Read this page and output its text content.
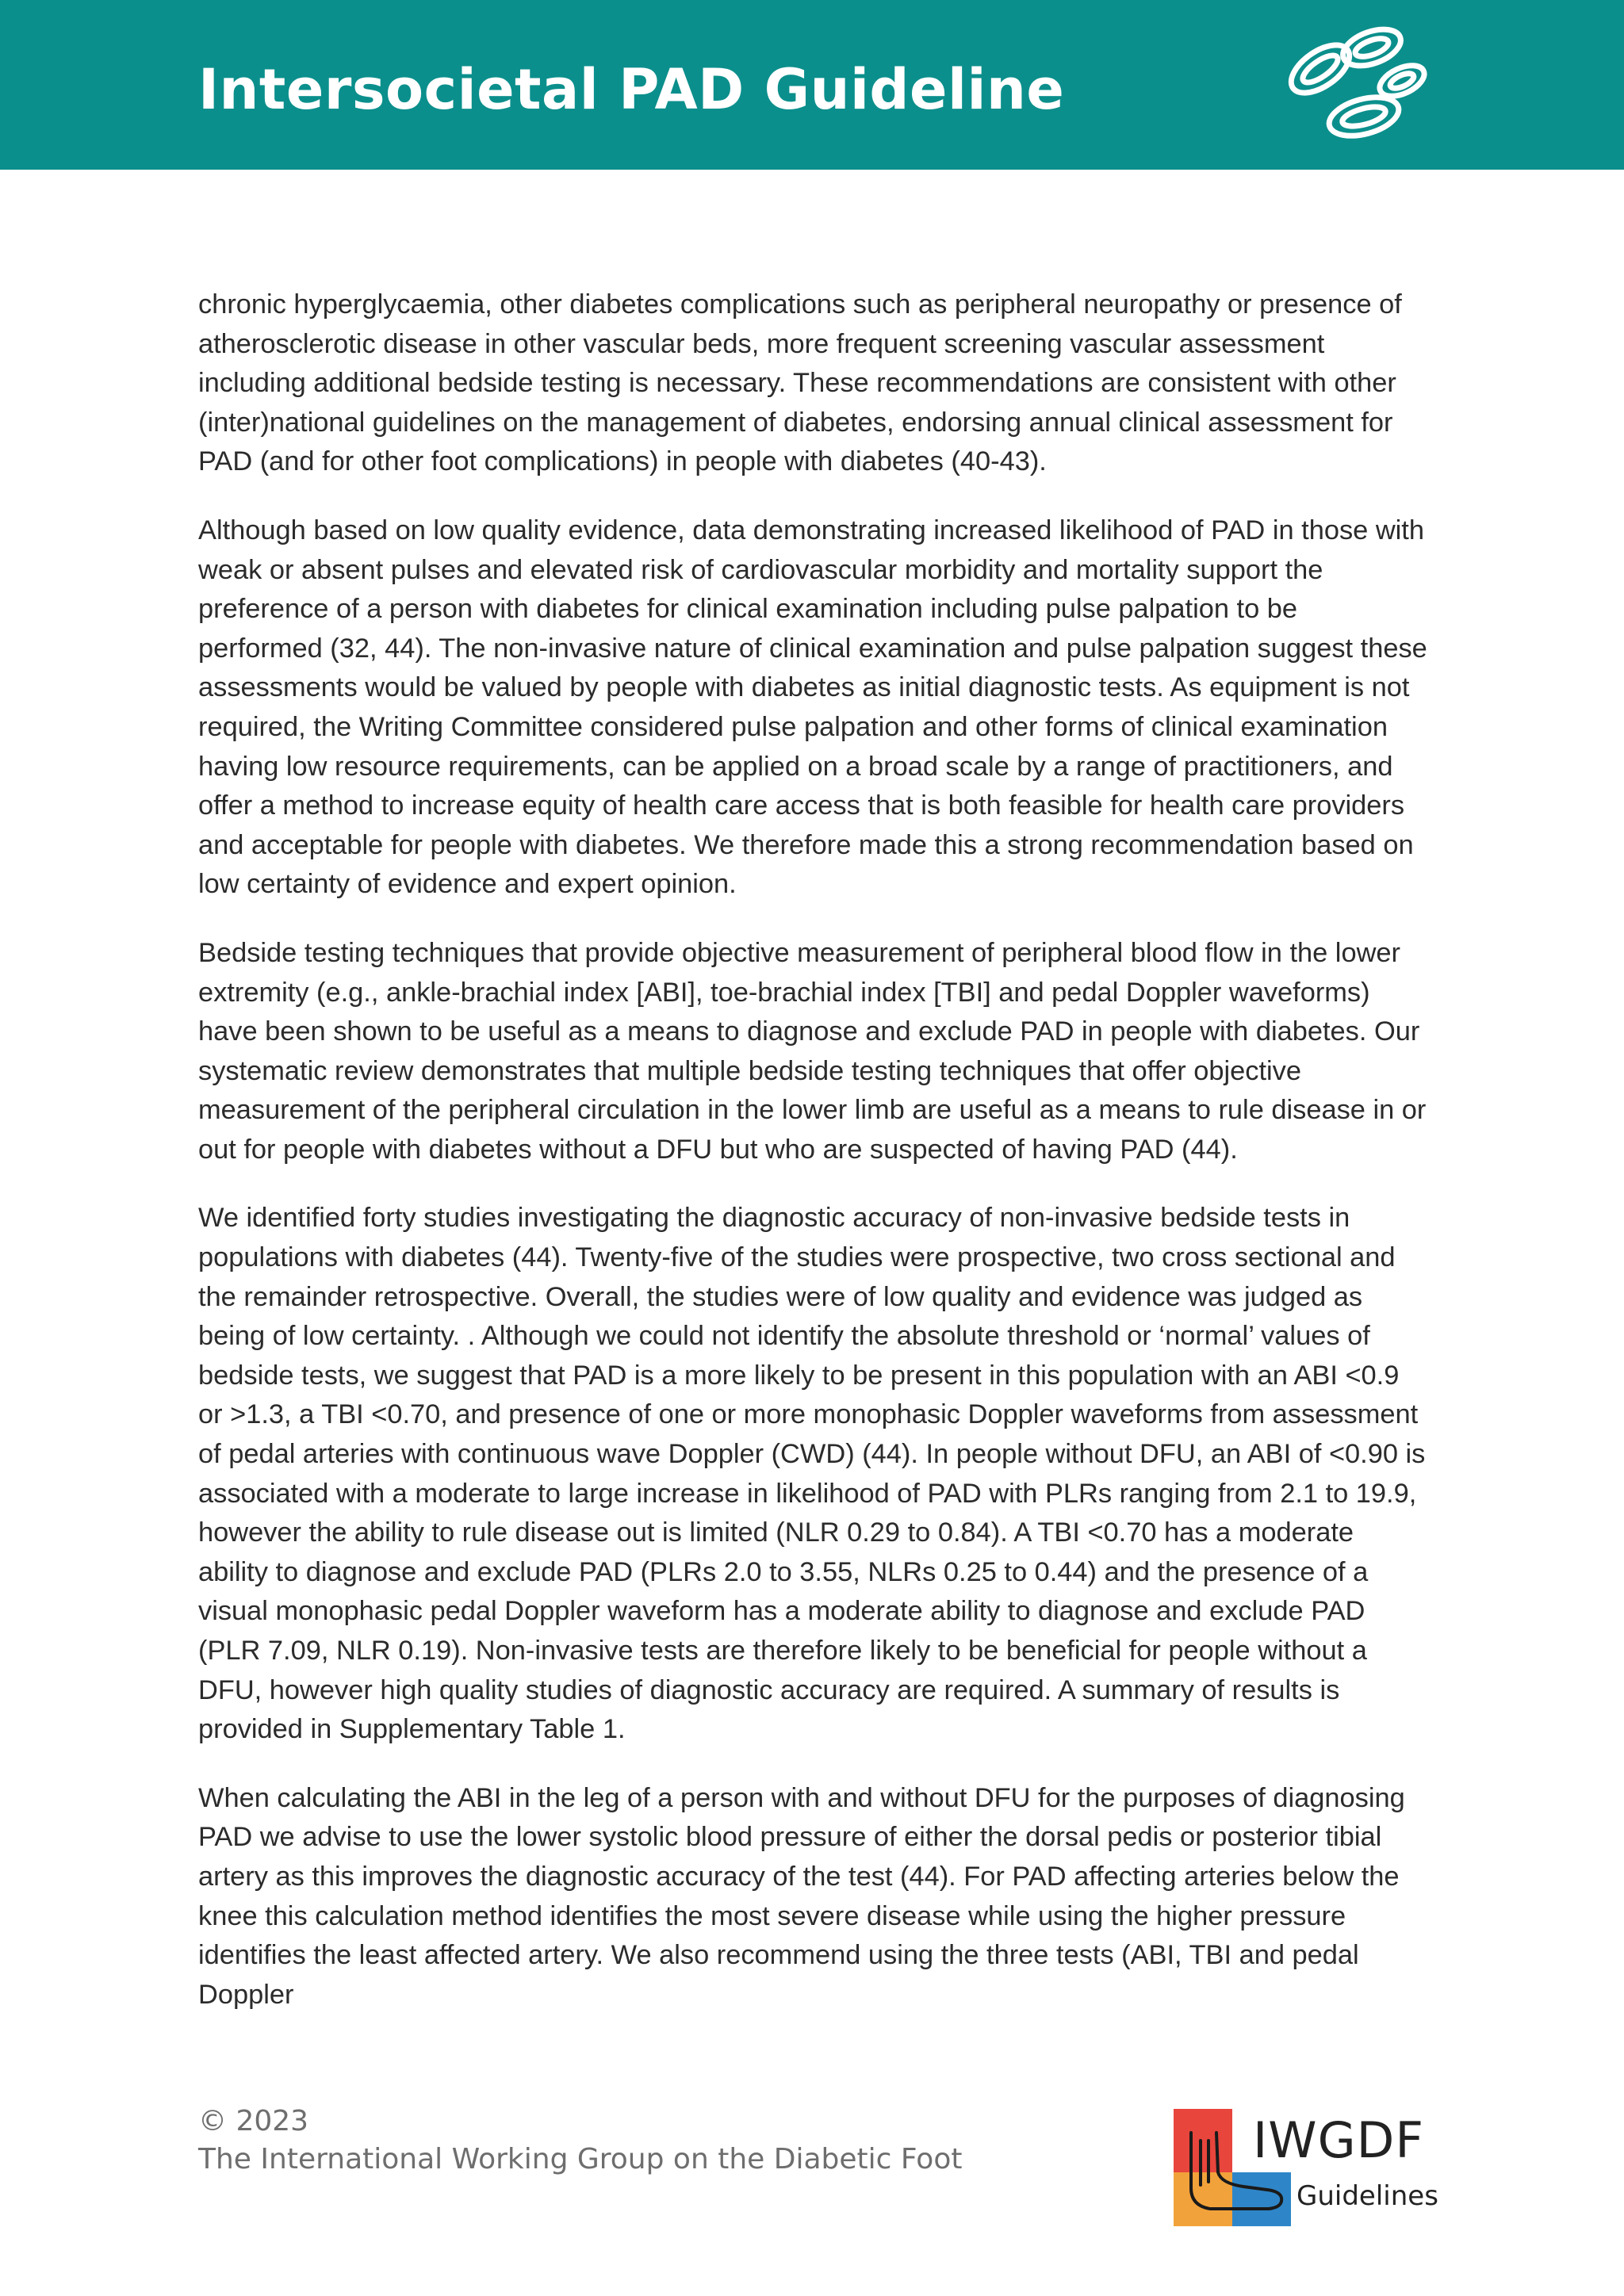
Intersocietal PAD Guideline

chronic hyperglycaemia, other diabetes complications such as peripheral neuropathy or presence of atherosclerotic disease in other vascular beds, more frequent screening vascular assessment including additional bedside testing is necessary. These recommendations are consistent with other (inter)national guidelines on the management of diabetes, endorsing annual clinical assessment for PAD (and for other foot complications) in people with diabetes (40-43).

Although based on low quality evidence, data demonstrating increased likelihood of PAD in those with weak or absent pulses and elevated risk of cardiovascular morbidity and mortality support the preference of a person with diabetes for clinical examination including pulse palpation to be performed (32, 44). The non-invasive nature of clinical examination and pulse palpation suggest these assessments would be valued by people with diabetes as initial diagnostic tests. As equipment is not required, the Writing Committee considered pulse palpation and other forms of clinical examination having low resource requirements, can be applied on a broad scale by a range of practitioners, and offer a method to increase equity of health care access that is both feasible for health care providers and acceptable for people with diabetes. We therefore made this a strong recommendation based on low certainty of evidence and expert opinion.

Bedside testing techniques that provide objective measurement of peripheral blood flow in the lower extremity (e.g., ankle-brachial index [ABI], toe-brachial index [TBI] and pedal Doppler waveforms) have been shown to be useful as a means to diagnose and exclude PAD in people with diabetes. Our systematic review demonstrates that multiple bedside testing techniques that offer objective measurement of the peripheral circulation in the lower limb are useful as a means to rule disease in or out for people with diabetes without a DFU but who are suspected of having PAD (44).

We identified forty studies investigating the diagnostic accuracy of non-invasive bedside tests in populations with diabetes (44). Twenty-five of the studies were prospective, two cross sectional and the remainder retrospective. Overall, the studies were of low quality and evidence was judged as being of low certainty. . Although we could not identify the absolute threshold or ‘normal’ values of bedside tests, we suggest that PAD is a more likely to be present in this population with an ABI <0.9 or >1.3, a TBI <0.70, and presence of one or more monophasic Doppler waveforms from assessment of pedal arteries with continuous wave Doppler (CWD) (44). In people without DFU, an ABI of <0.90 is associated with a moderate to large increase in likelihood of PAD with PLRs ranging from 2.1 to 19.9, however the ability to rule disease out is limited (NLR 0.29 to 0.84). A TBI <0.70 has a moderate ability to diagnose and exclude PAD (PLRs 2.0 to 3.55, NLRs 0.25 to 0.44) and the presence of a visual monophasic pedal Doppler waveform has a moderate ability to diagnose and exclude PAD (PLR 7.09, NLR 0.19). Non-invasive tests are therefore likely to be beneficial for people without a DFU, however high quality studies of diagnostic accuracy are required. A summary of results is provided in Supplementary Table 1.

When calculating the ABI in the leg of a person with and without DFU for the purposes of diagnosing PAD we advise to use the lower systolic blood pressure of either the dorsal pedis or posterior tibial artery as this improves the diagnostic accuracy of the test (44). For PAD affecting arteries below the knee this calculation method identifies the most severe disease while using the higher pressure identifies the least affected artery. We also recommend using the three tests (ABI, TBI and pedal Doppler

© 2023
The International Working Group on the Diabetic Foot	IWGDF
Guidelines
